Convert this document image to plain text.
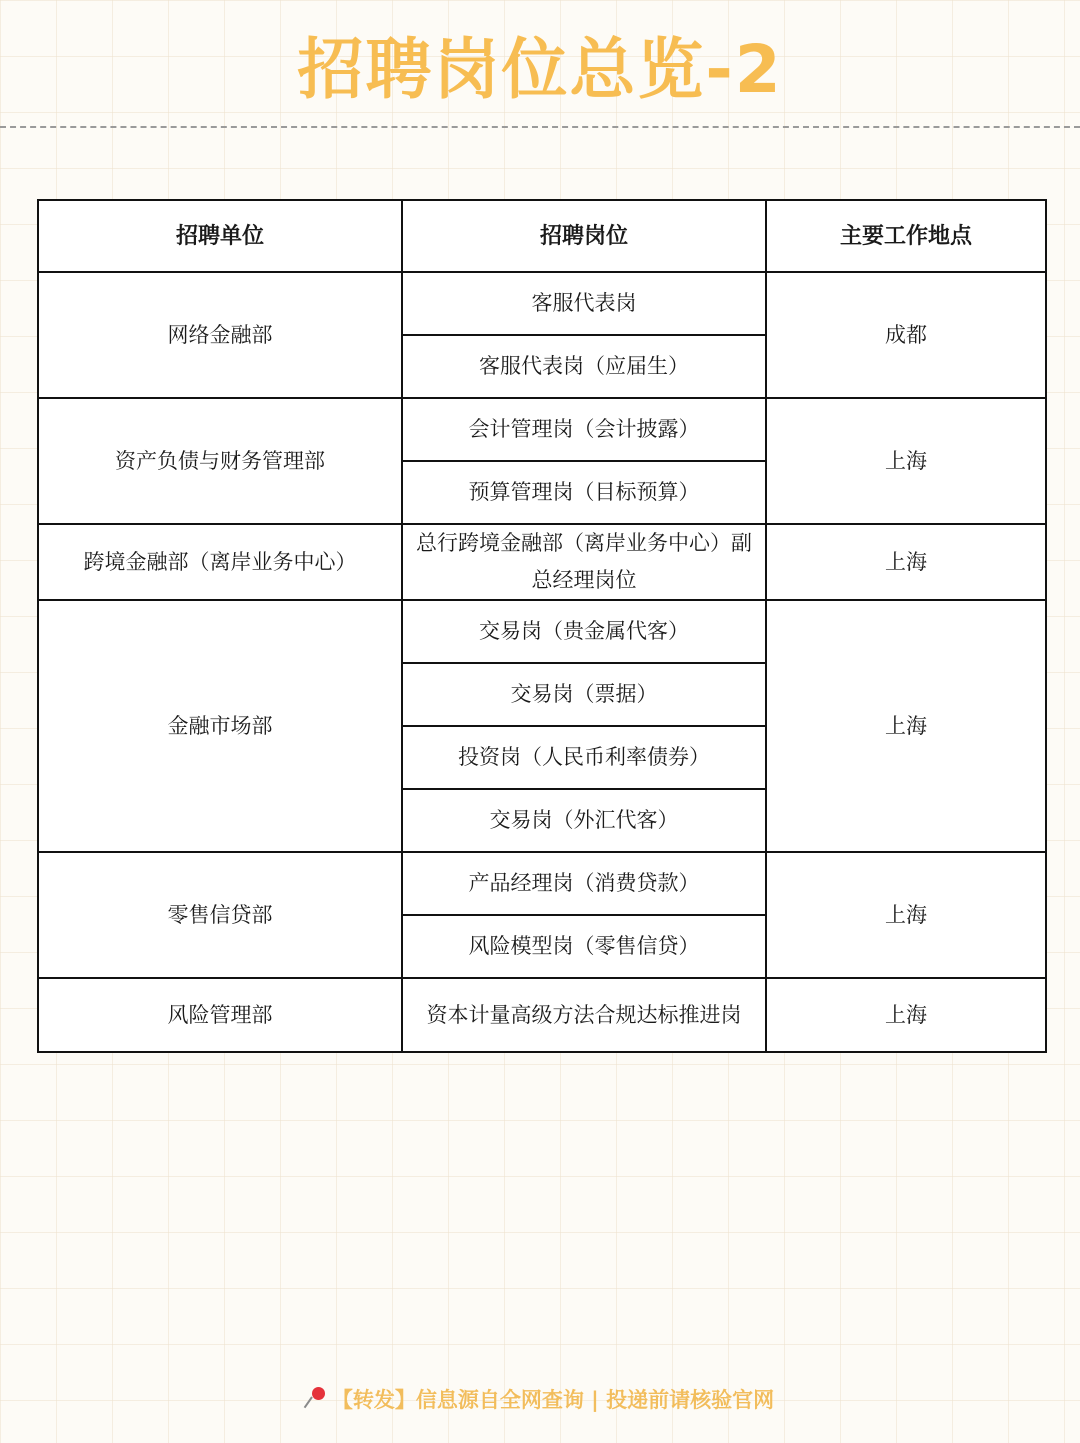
招聘岗位总览-2
招聘单位	招聘岗位	主要工作地点
网络金融部	客服代表岗	成都
	客服代表岗（应届生）	
资产负债与财务管理部	会计管理岗（会计披露）	上海
	预算管理岗（目标预算）	
跨境金融部（离岸业务中心）	总行跨境金融部（离岸业务中心）副总经理岗位	上海
金融市场部	交易岗（贵金属代客）	上海
	交易岗（票据）	
	投资岗（人民币利率债券）	
	交易岗（外汇代客）	
零售信贷部	产品经理岗（消费贷款）	上海
	风险模型岗（零售信贷）	
风险管理部	资本计量高级方法合规达标推进岗	上海
【转发】信息源自全网查询 | 投递前请核验官网
